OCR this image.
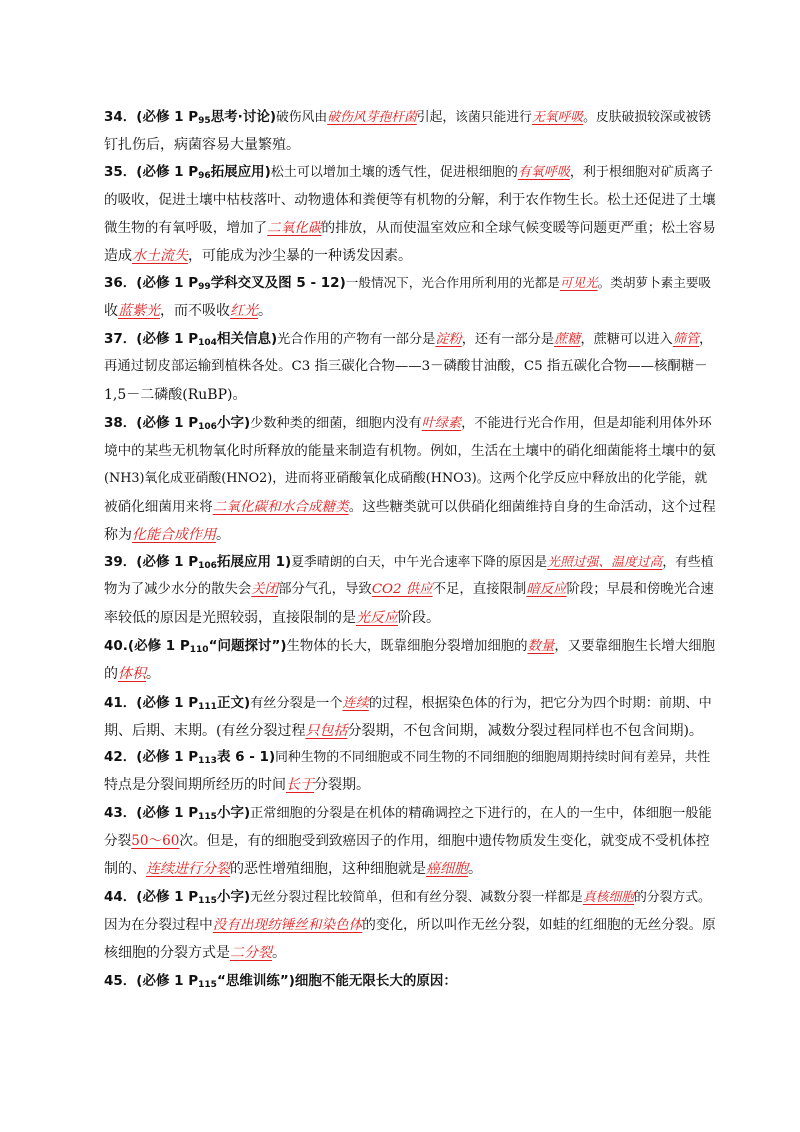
34．(必修 1 $P_{95}$思考·讨论)破伤风由破伤风芽孢杆菌引起，该菌只能进行无氧呼吸。皮肤破损较深或被锈
钉扎伤后，病菌容易大量繁殖。
35．(必修 1 $P_{96}$拓展应用)松土可以增加土壤的透气性，促进根细胞的有氧呼吸，利于根细胞对矿质离子
的吸收，促进土壤中枯枝落叶、动物遗体和粪便等有机物的分解，利于农作物生长。松土还促进了土壤
微生物的有氧呼吸，增加了二氧化碳的排放，从而使温室效应和全球气候变暖等问题更严重；松土容易
造成水土流失，可能成为沙尘暴的一种诱发因素。
36．(必修 1 $P_{99}$学科交叉及图 5 - 12)一般情况下，光合作用所利用的光都是可见光。类胡萝卜素主要吸
收蓝紫光，而不吸收红光。
37．(必修 1 $P_{104}$相关信息)光合作用的产物有一部分是淀粉，还有一部分是蔗糖，蔗糖可以进入筛管，
再通过韧皮部运输到植株各处。C3 指三碳化合物——3－磷酸甘油酸，C5 指五碳化合物——核酮糖－
1,5－二磷酸(RuBP)。
38．(必修 1 $P_{106}$小字)少数种类的细菌，细胞内没有叶绿素，不能进行光合作用，但是却能利用体外环
境中的某些无机物氧化时所释放的能量来制造有机物。例如，生活在土壤中的硝化细菌能将土壤中的氨
(NH3)氧化成亚硝酸(HNO2)，进而将亚硝酸氧化成硝酸(HNO3)。这两个化学反应中释放出的化学能，就
被硝化细菌用来将二氧化碳和水合成糖类。这些糖类就可以供硝化细菌维持自身的生命活动，这个过程
称为化能合成作用。
39．(必修 1 $P_{106}$拓展应用 1)夏季晴朗的白天，中午光合速率下降的原因是光照过强、温度过高，有些植
物为了减少水分的散失会关闭部分气孔，导致CO2 供应不足，直接限制暗反应阶段；早晨和傍晚光合速
率较低的原因是光照较弱，直接限制的是光反应阶段。
40.(必修 1 $P_{110}“$问题探讨”)生物体的长大，既靠细胞分裂增加细胞的数量，又要靠细胞生长增大细胞
的体积。
41．(必修 1 $P_{111}$正文)有丝分裂是一个连续的过程，根据染色体的行为，把它分为四个时期：前期、中
期、后期、末期。(有丝分裂过程只包括分裂期，不包含间期，减数分裂过程同样也不包含间期)。
42．(必修 1 $P_{113}$表 6 - 1)同种生物的不同细胞或不同生物的不同细胞的细胞周期持续时间有差异，共性
特点是分裂间期所经历的时间长于分裂期。
43．(必修 1 $P_{115}$小字)正常细胞的分裂是在机体的精确调控之下进行的，在人的一生中，体细胞一般能
分裂50～60次。但是，有的细胞受到致癌因子的作用，细胞中遗传物质发生变化，就变成不受机体控
制的、连续进行分裂的恶性增殖细胞，这种细胞就是癌细胞。
44．(必修 1 $P_{115}$小字)无丝分裂过程比较简单，但和有丝分裂、减数分裂一样都是真核细胞的分裂方式。
因为在分裂过程中没有出现纺锤丝和染色体的变化，所以叫作无丝分裂，如蛙的红细胞的无丝分裂。原
核细胞的分裂方式是二分裂。
45．(必修 1 $P_{115}“$思维训练”)细胞不能无限长大的原因：
